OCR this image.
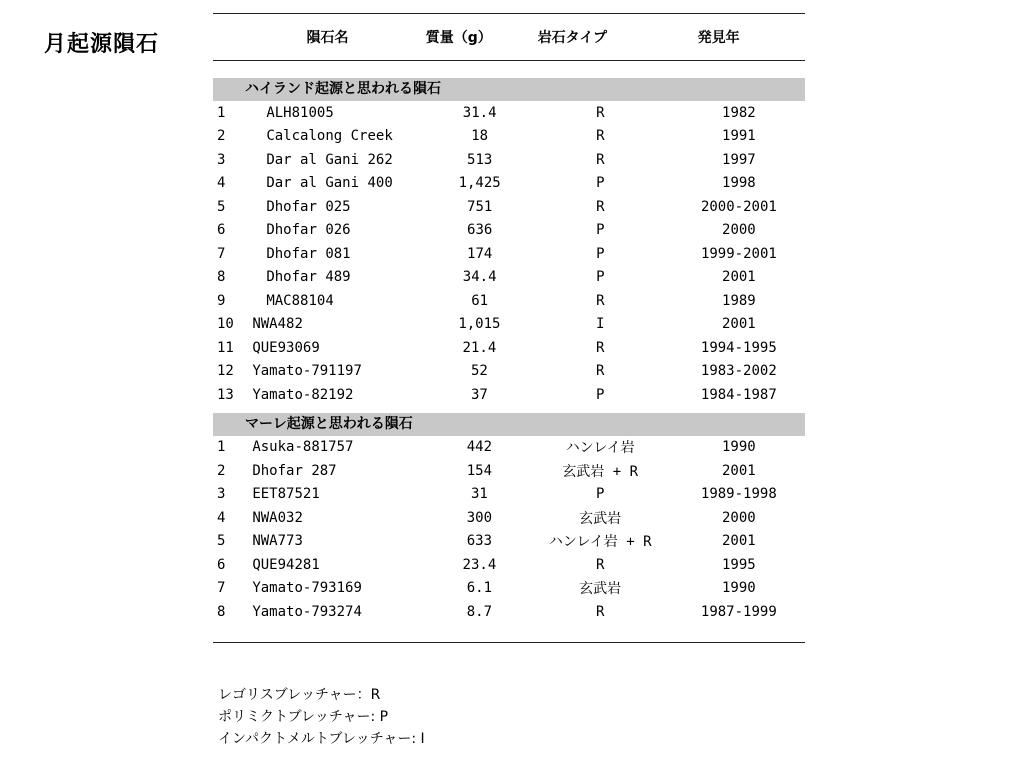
月起源隕石	隕石名	質量（g）	岩石タイプ	発見年
ハイランド起源と思われる隕石
1	ALH81005	31.4	R	1982
2	Calcalong Creek	18	R	1991
3	Dar al Gani 262	513	R	1997
4	Dar al Gani 400	1,425	P	1998
5	Dhofar 025	751	R	2000-2001
6	Dhofar 026	636	P	2000
7	Dhofar 081	174	P	1999-2001
8	Dhofar 489	34.4	P	2001
9	MAC88104	61	R	1989
10	NWA482	1,015	I	2001
11	QUE93069	21.4	R	1994-1995
12	Yamato-791197	52	R	1983-2002
13	Yamato-82192	37	P	1984-1987
マーレ起源と思われる隕石
1	Asuka-881757	442	ハンレイ岩	1990
2	Dhofar 287	154	玄武岩 + R	2001
3	EET87521	31	P	1989-1998
4	NWA032	300	玄武岩	2000
5	NWA773	633	ハンレイ岩 + R	2001
6	QUE94281	23.4	R	1995
7	Yamato-793169	6.1	玄武岩	1990
8	Yamato-793274	8.7	R	1987-1999
レゴリスブレッチャー：R
ポリミクトブレッチャー: P
インパクトメルトブレッチャー: I
